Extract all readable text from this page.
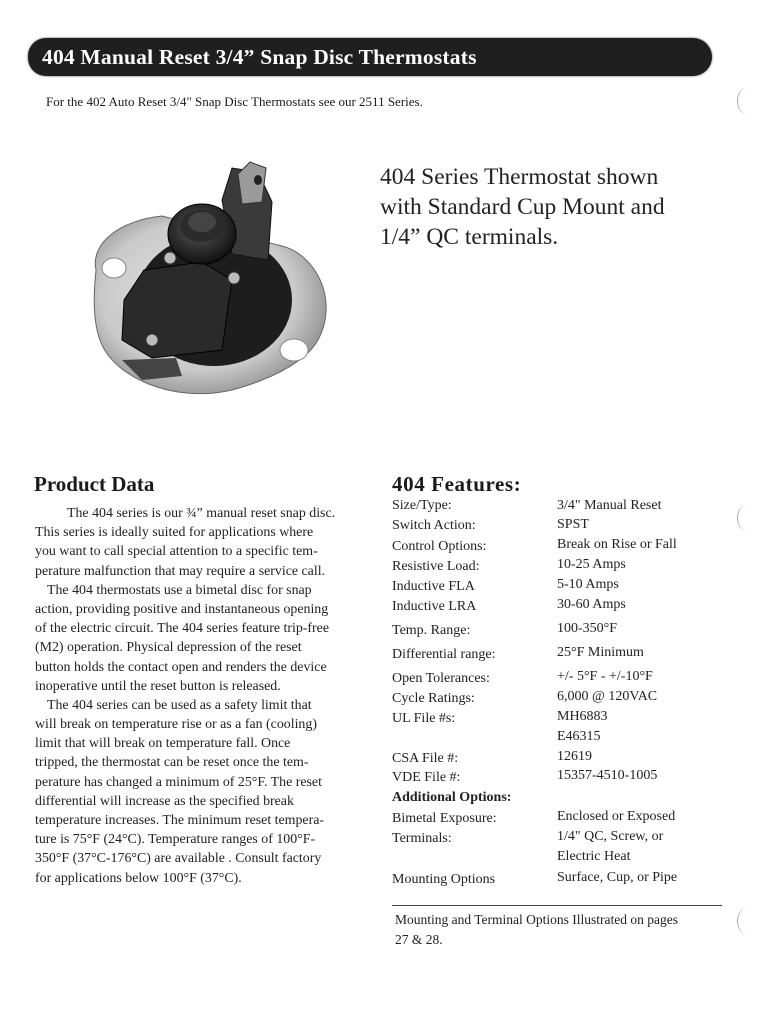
404 Manual Reset 3/4” Snap Disc Thermostats
For the 402 Auto Reset 3/4" Snap Disc Thermostats see our 2511 Series.
404 Series Thermostat shown
with Standard Cup Mount and
1/4” QC terminals.
Product Data
The 404 series is our ¾” manual reset snap disc.
This series is ideally suited for applications where
you want to call special attention to a specific tem-
perature malfunction that may require a service call.
The 404 thermostats use a bimetal disc for snap
action, providing positive and instantaneous opening
of the electric circuit. The 404 series feature trip-free
(M2) operation. Physical depression of the reset
button holds the contact open and renders the device
inoperative until the reset button is released.
The 404 series can be used as a safety limit that
will break on temperature rise or as a fan (cooling)
limit that will break on temperature fall. Once
tripped, the thermostat can be reset once the tem-
perature has changed a minimum of 25°F. The reset
differential will increase as the specified break
temperature increases. The minimum reset tempera-
ture is 75°F (24°C). Temperature ranges of 100°F-
350°F (37°C-176°C) are available . Consult factory
for applications below 100°F (37°C).
404 Features:
Size/Type:	3/4" Manual Reset
Switch Action:	SPST
Control Options:	Break on Rise or Fall
Resistive Load:	10-25 Amps
Inductive FLA	5-10 Amps
Inductive LRA	30-60 Amps
Temp. Range:	100-350°F
Differential range:	25°F Minimum
Open Tolerances:	+/- 5°F - +/-10°F
Cycle Ratings:	6,000 @ 120VAC
UL File #s:	MH6883
E46315
CSA File #:	12619
VDE File #:	15357-4510-1005
Additional Options:
Bimetal Exposure:	Enclosed or Exposed
Terminals:	1/4" QC, Screw, or
Electric Heat
Mounting Options	Surface, Cup, or Pipe
Mounting and Terminal Options Illustrated on pages
27 & 28.
